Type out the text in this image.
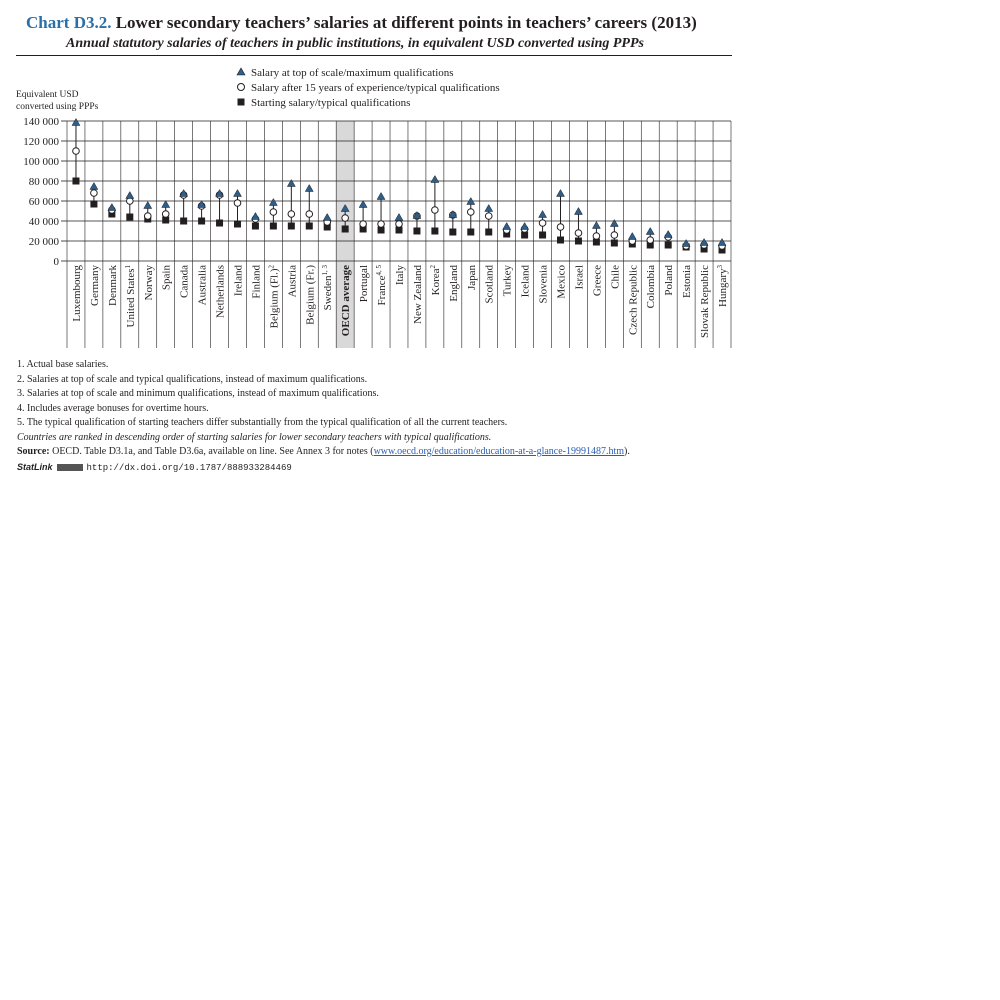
0
20 000
40 000
60 000
80 000
100 000
120 000
140 000
Equivalent USD converted using PPPs
Salary at top of scale/maximum qualifications
Salary after 15 years of experience/typical qualifications
Starting salary/typical qualifications
Luxembourg Germany Denmark United States$^1$ Norway Spain Canada Australia Netherlands Ireland Finland Belgium $(Fl.)^2$ Austria Belgium (Fr.) Sweden$^{1, 3}$ OECD average Portugal France$^{4, 5}$ Italy New Zealand Korea$^2$ England Japan Scotland Turkey Iceland Slovenia Mexico Israel Greece Chile Czech Republic Colombia Poland Estonia Slovak Republic Hungary$^3$
Chart D3.2. Lower secondary teachers’ salaries at different points in teachers’ careers (2013)
Annual statutory salaries of teachers in public institutions, in equivalent USD converted using PPPs
1. Actual base salaries.
2. Salaries at top of scale and typical qualifications, instead of maximum qualifications.
3. Salaries at top of scale and minimum qualifications, instead of maximum qualifications.
4. Includes average bonuses for overtime hours.
5. The typical qualification of starting teachers differ substantially from the typical qualification of all the current teachers.
Countries are ranked in descending order of starting salaries for lower secondary teachers with typical qualifications.
Source: OECD. Table D3.1a, and Table D3.6a, available on line. See Annex 3 for notes (www.oecd.org/education/education-at-a-glance-19991487.htm).
StatLink	http://dx.doi.org/10.1787/888933284469
